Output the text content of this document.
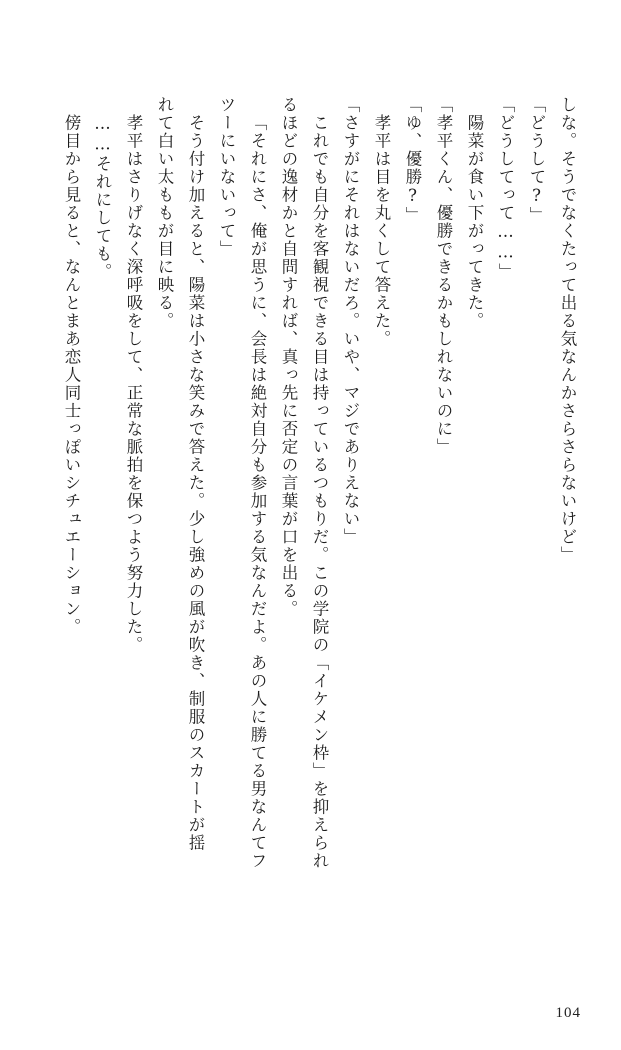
しな。そうでなくたって出る気なんかさらさらないけど」
「どうして?」
「どうしてって……」
陽菜が食い下がってきた。
「孝平くん、優勝できるかもしれないのに」
「ゆ、優勝?」
孝平は目を丸くして答えた。
「さすがにそれはないだろ。いや、マジでありえない」
これでも自分を客観視できる目は持っているつもりだ。この学院の「イケメン枠」を抑えられ
るほどの逸材かと自問すれば、真っ先に否定の言葉が口を出る。
「それにさ、俺が思うに、会長は絶対自分も参加する気なんだよ。あの人に勝てる男なんてフ
ツーにいないって」
そう付け加えると、陽菜は小さな笑みで答えた。少し強めの風が吹き、制服のスカートが揺
れて白い太ももが目に映る。
孝平はさりげなく深呼吸をして、正常な脈拍を保つよう努力した。
……それにしても。
傍目から見ると、なんとまあ恋人同士っぽいシチュエーション。
104
